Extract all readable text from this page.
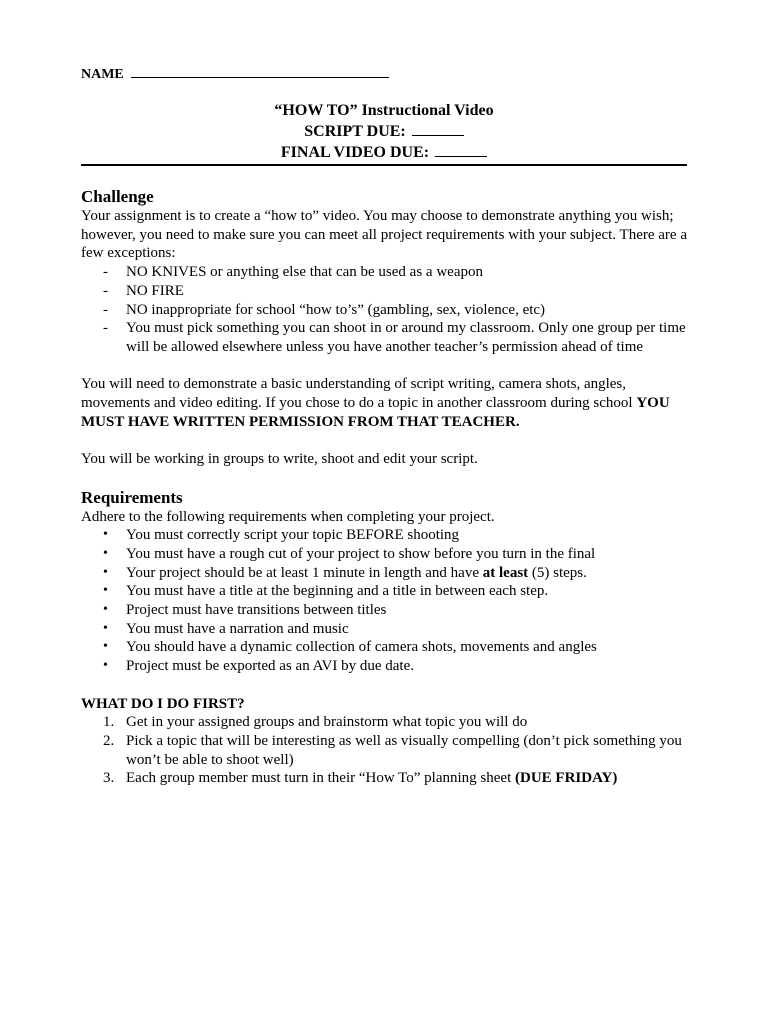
NAME
“HOW TO” Instructional Video
SCRIPT DUE:
FINAL VIDEO DUE:
Challenge

Your assignment is to create a “how to” video. You may choose to demonstrate anything you wish; however, you need to make sure you can meet all project requirements with your subject. There are a few exceptions:

-	NO KNIVES or anything else that can be used as a weapon
-	NO FIRE
-	NO inappropriate for school “how to’s” (gambling, sex, violence, etc)
-	You must pick something you can shoot in or around my classroom. Only one group per time will be allowed elsewhere unless you have another teacher’s permission ahead of time

You will need to demonstrate a basic understanding of script writing, camera shots, angles, movements and video editing. If you chose to do a topic in another classroom during school YOU MUST HAVE WRITTEN PERMISSION FROM THAT TEACHER.

You will be working in groups to write, shoot and edit your script.

Requirements

Adhere to the following requirements when completing your project.

•	You must correctly script your topic BEFORE shooting
•	You must have a rough cut of your project to show before you turn in the final
•	Your project should be at least 1 minute in length and have at least (5) steps.
•	You must have a title at the beginning and a title in between each step.
•	Project must have transitions between titles
•	You must have a narration and music
•	You should have a dynamic collection of camera shots, movements and angles
•	Project must be exported as an AVI by due date.

WHAT DO I DO FIRST?

1. Get in your assigned groups and brainstorm what topic you will do
2. Pick a topic that will be interesting as well as visually compelling (don’t pick something you won’t be able to shoot well)
3. Each group member must turn in their “How To” planning sheet (DUE FRIDAY)
